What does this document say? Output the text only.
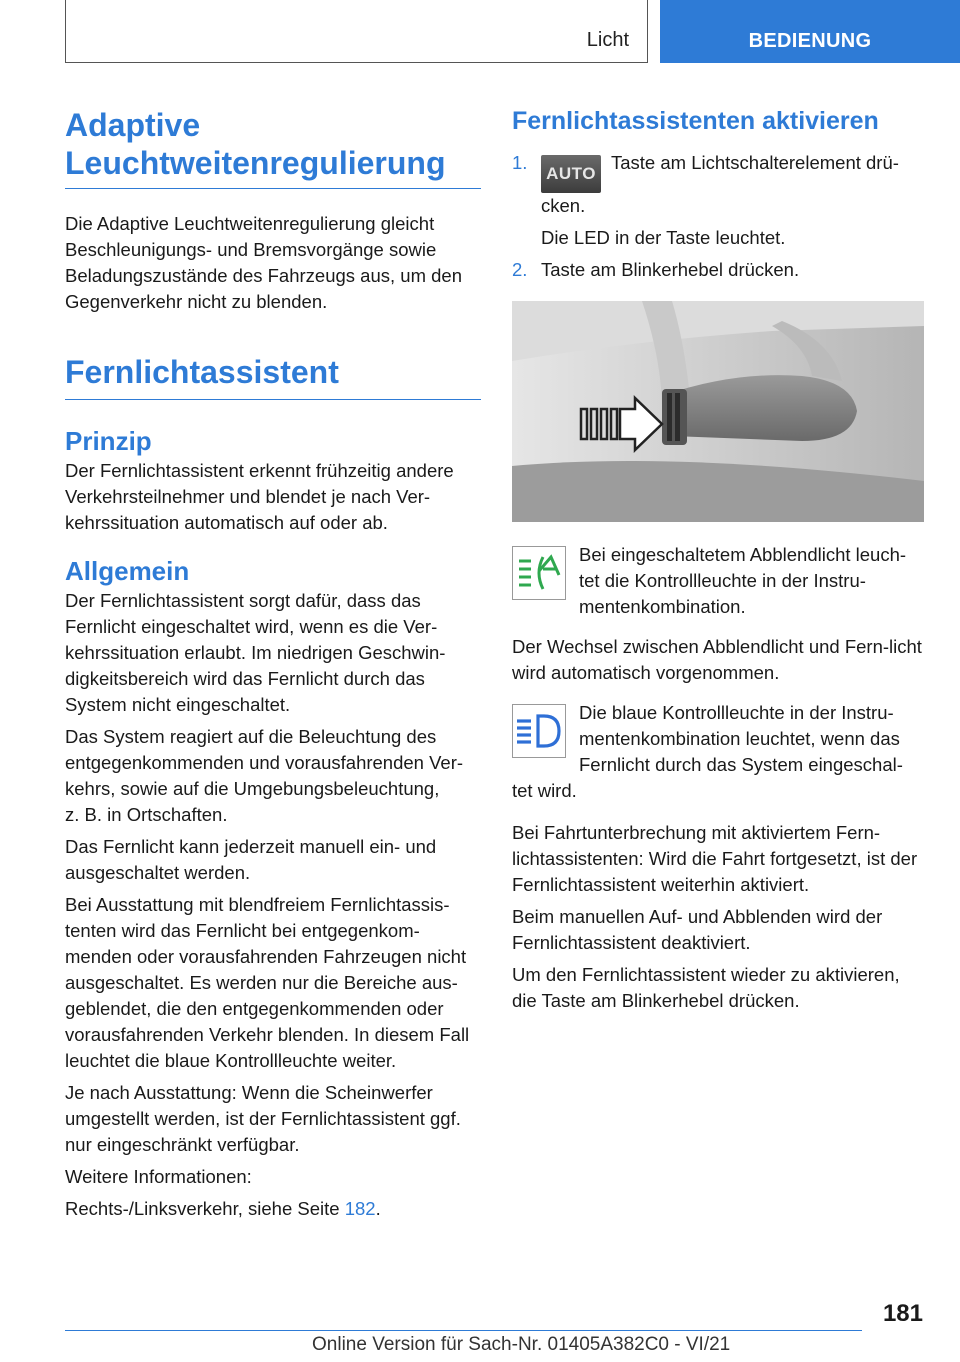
Licht	BEDIENUNG
Adaptive
Leuchtweitenregulierung

Die Adaptive Leuchtweitenregulierung gleicht Beschleunigungs- und Bremsvorgänge sowie Beladungszustände des Fahrzeugs aus, um den Gegenverkehr nicht zu blenden.

Fernlichtassistent
Prinzip

Der Fernlichtassistent erkennt frühzeitig andere Verkehrsteilnehmer und blendet je nach Ver-kehrssituation automatisch auf oder ab.

Allgemein

Der Fernlichtassistent sorgt dafür, dass das Fernlicht eingeschaltet wird, wenn es die Ver-kehrssituation erlaubt. Im niedrigen Geschwin-digkeitsbereich wird das Fernlicht durch das System nicht eingeschaltet.

Das System reagiert auf die Beleuchtung des entgegenkommenden und vorausfahrenden Ver-kehrs, sowie auf die Umgebungsbeleuchtung,

z. B. in Ortschaften.

Das Fernlicht kann jederzeit manuell ein- und ausgeschaltet werden.

Bei Ausstattung mit blendfreiem Fernlichtassis-tenten wird das Fernlicht bei entgegenkom-menden oder vorausfahrenden Fahrzeugen nicht ausgeschaltet. Es werden nur die Bereiche aus-geblendet, die den entgegenkommenden oder vorausfahrenden Verkehr blenden. In diesem Fall leuchtet die blaue Kontrollleuchte weiter.

Je nach Ausstattung: Wenn die Scheinwerfer umgestellt werden, ist der Fernlichtassistent ggf. nur eingeschränkt verfügbar.

Weitere Informationen:

Rechts-/Linksverkehr, siehe Seite 182.

Fernlichtassistenten aktivieren
1.

AUTOTaste am Lichtschalterelement drü-cken.

Die LED in der Taste leuchtet.

2. Taste am Blinkerhebel drücken.

Bei eingeschaltetem Abblendlicht leuch-tet die Kontrollleuchte in der Instru-mentenkombination.

Der Wechsel zwischen Abblendlicht und Fern-licht wird automatisch vorgenommen.

Die blaue Kontrollleuchte in der Instru-mentenkombination leuchtet, wenn das Fernlicht durch das System eingeschal-

tet wird.

Bei Fahrtunterbrechung mit aktiviertem Fern-lichtassistenten: Wird die Fahrt fortgesetzt, ist der Fernlichtassistent weiterhin aktiviert.

Beim manuellen Auf- und Abblenden wird der Fernlichtassistent deaktiviert.

Um den Fernlichtassistent wieder zu aktivieren, die Taste am Blinkerhebel drücken.

181
Online Version für Sach-Nr. 01405A382C0 - VI/21
